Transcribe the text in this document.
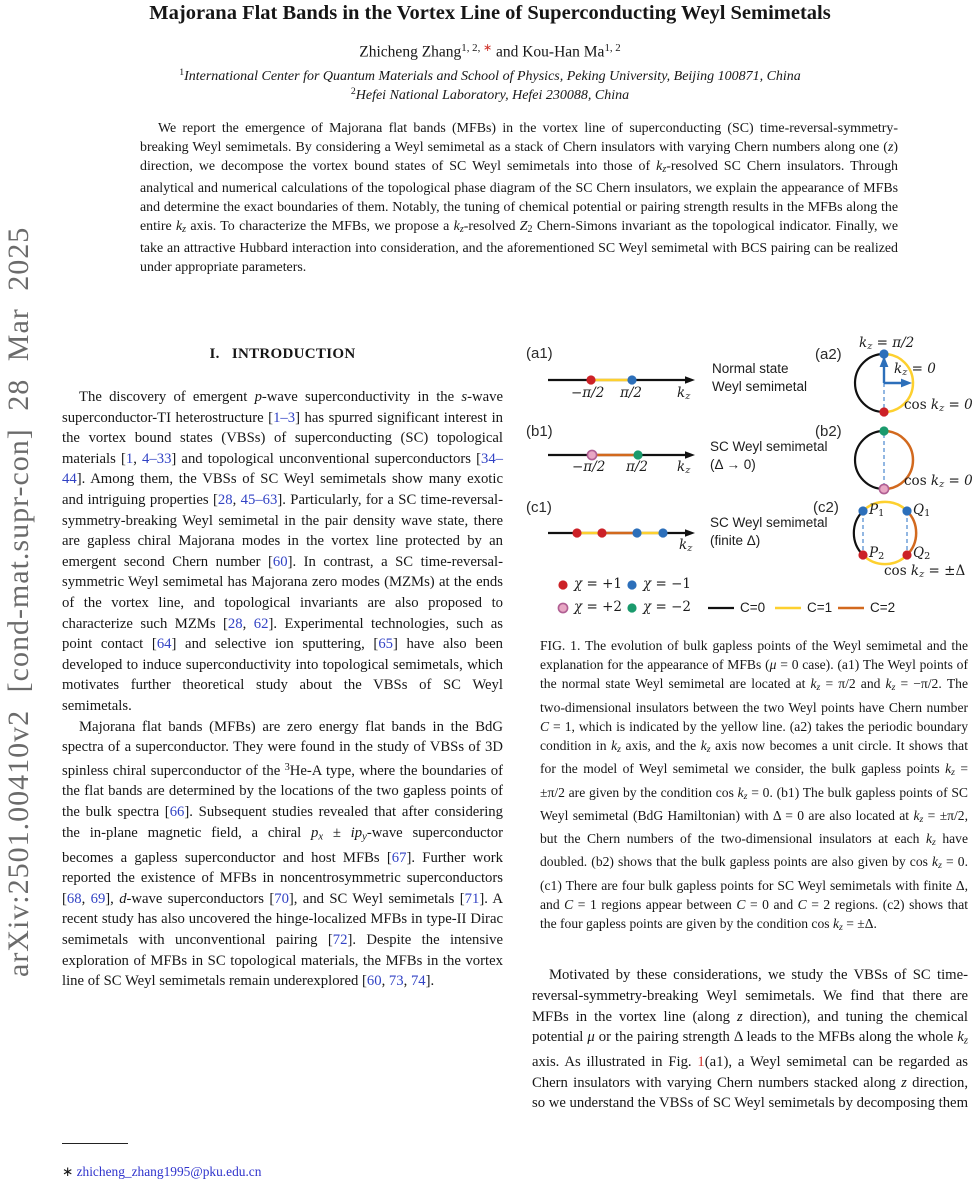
arXiv:2501.00410v2 [cond-mat.supr-con] 28 Mar 2025
Majorana Flat Bands in the Vortex Line of Superconducting Weyl Semimetals
Zhicheng Zhang$^{1, 2,}$ ∗ and Kou-Han Ma$^{1, 2}$
$^1$International Center for Quantum Materials and School of Physics, Peking University, Beijing 100871, China
$^2$Hefei National Laboratory, Hefei 230088, China
We report the emergence of Majorana flat bands (MFBs) in the vortex line of superconducting (SC) time-reversal-symmetry-breaking Weyl semimetals. By considering a Weyl semimetal as a stack of Chern insulators with varying Chern numbers along one (z) direction, we decompose the vortex bound states of SC Weyl semimetals into those of kz-resolved SC Chern insulators. Through analytical and numerical calculations of the topological phase diagram of the SC Chern insulators, we explain the appearance of MFBs and determine the exact boundaries of them. Notably, the tuning of chemical potential or pairing strength results in the MFBs along the entire kz axis. To characterize the MFBs, we propose a kz-resolved Z2 Chern-Simons invariant as the topological indicator. Finally, we take an attractive Hubbard interaction into consideration, and the aforementioned SC Weyl semimetal with BCS pairing can be realized under appropriate parameters.
I.   INTRODUCTION

The discovery of emergent p-wave superconductivity in the s-wave superconductor-TI heterostructure [1–3] has spurred significant interest in the vortex bound states (VBSs) of superconducting (SC) topological materials [1, 4–33] and topological unconventional superconductors [34–44]. Among them, the VBSs of SC Weyl semimetals show many exotic and intriguing properties [28, 45–63]. Particularly, for a SC time-reversal-symmetry-breaking Weyl semimetal in the pair density wave state, there are gapless chiral Majorana modes in the vortex line protected by an emergent second Chern number [60]. In contrast, a SC time-reversal-symmetric Weyl semimetal has Majorana zero modes (MZMs) at the ends of the vortex line, and topological invariants are also proposed to characterize such MZMs [28, 62]. Experimental technologies, such as point contact [64] and selective ion sputtering, [65] have also been developed to induce superconductivity into topological semimetals, which motivates further theoretical study about the VBSs of SC Weyl semimetals.

Majorana flat bands (MFBs) are zero energy flat bands in the BdG spectra of a superconductor. They were found in the study of VBSs of 3D spinless chiral superconductor of the $^3$He-A type, where the boundaries of the flat bands are determined by the locations of the two gapless points of the bulk spectra [66]. Subsequent studies revealed that after considering the in-plane magnetic field, a chiral px ± ipy-wave superconductor becomes a gapless superconductor and host MFBs [67]. Further work reported the existence of MFBs in noncentrosymmetric superconductors [68, 69], d-wave superconductors [70], and SC Weyl semimetals [71]. A recent study has also uncovered the hinge-localized MFBs in type-II Dirac semimetals with unconventional pairing [72]. Despite the intensive exploration of MFBs in SC topological materials, the MFBs in the vortex line of SC Weyl semimetals remain underexplored [60, 73, 74].

∗ zhicheng_zhang1995@pku.edu.cn
(a1)	(a2)
(b1)	(b2)
(c1)	(c2)
−π/2 π/2	kz
Normal state
Weyl semimetal
kz = π/2
kz = 0
cos kz = 0
−π/2 π/2 kz
SC Weyl semimetal
(Δ → 0)
cos kz = 0
kz
SC Weyl semimetal
(finite Δ)
P1 Q1
P2 Q2
cos kz = ±Δ
χ = +1 χ = −1
χ = +2 χ = −2	C=0	C=1	C=2
FIG. 1. The evolution of bulk gapless points of the Weyl semimetal and the explanation for the appearance of MFBs (μ = 0 case). (a1) The Weyl points of the normal state Weyl semimetal are located at kz = π/2 and kz = −π/2. The two-dimensional insulators between the two Weyl points have Chern number C = 1, which is indicated by the yellow line. (a2) takes the periodic boundary condition in kz axis, and the kz axis now becomes a unit circle. It shows that for the model of Weyl semimetal we consider, the bulk gapless points kz = ±π/2 are given by the condition cos kz = 0. (b1) The bulk gapless points of SC Weyl semimetal (BdG Hamiltonian) with Δ = 0 are also located at kz = ±π/2, but the Chern numbers of the two-dimensional insulators at each kz have doubled. (b2) shows that the bulk gapless points are also given by cos kz = 0. (c1) There are four bulk gapless points for SC Weyl semimetals with finite Δ, and C = 1 regions appear between C = 0 and C = 2 regions. (c2) shows that the four gapless points are given by the condition cos kz = ±Δ.

Motivated by these considerations, we study the VBSs of SC time-reversal-symmetry-breaking Weyl semimetals. We find that there are MFBs in the vortex line (along z direction), and tuning the chemical potential μ or the pairing strength Δ leads to the MFBs along the whole kz axis. As illustrated in Fig. 1(a1), a Weyl semimetal can be regarded as Chern insulators with varying Chern numbers stacked along z direction, so we understand the VBSs of SC Weyl semimetals by decomposing them
